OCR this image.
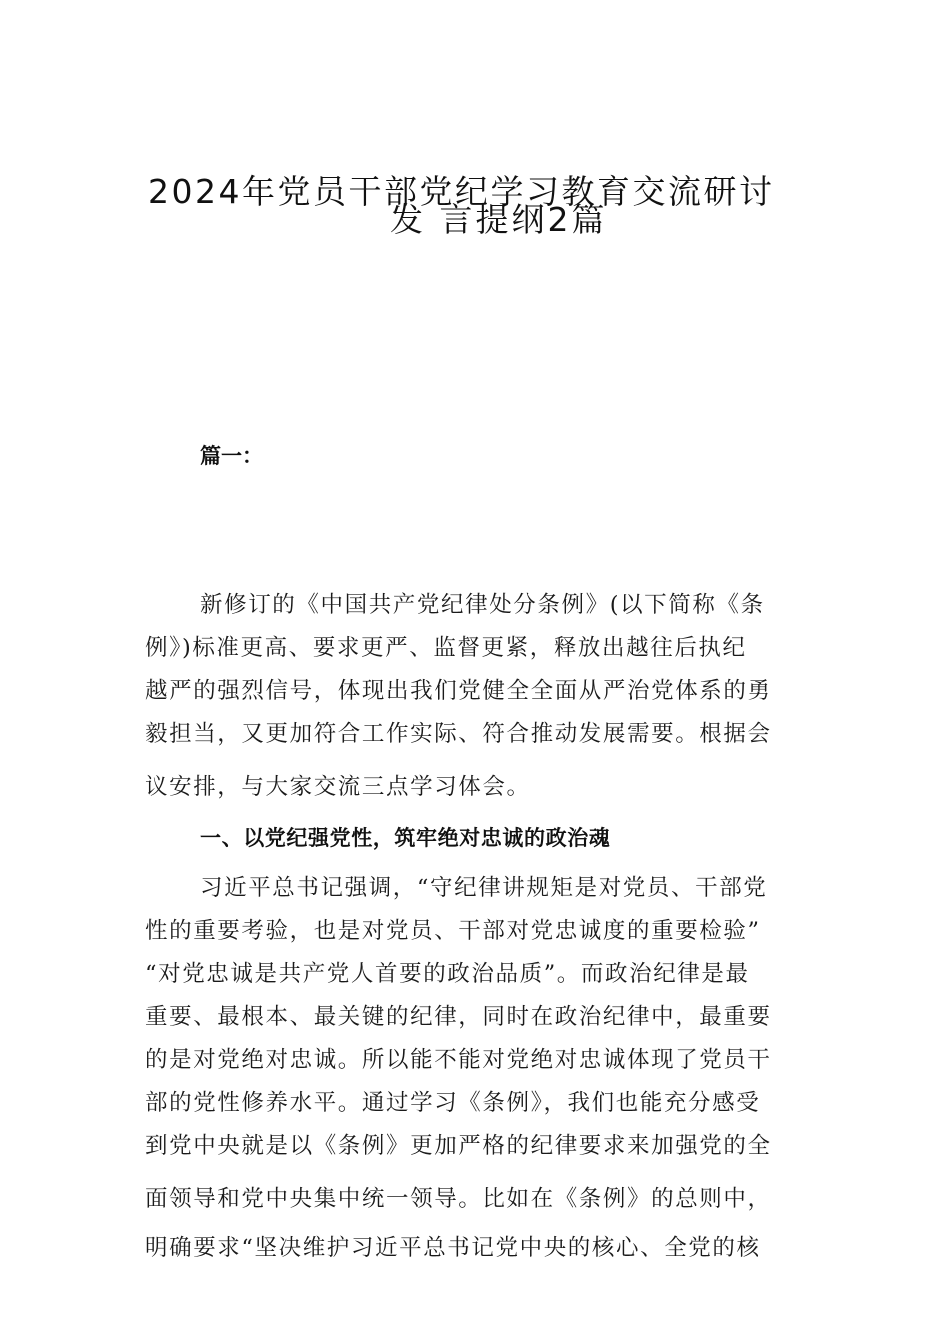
2024年党员干部党纪学习教育交流研讨
发 言提纲2篇
篇一：
新修订的《中国共产党纪律处分条例》(以下简称《条
例》)标准更高、要求更严、监督更紧，释放出越往后执纪
越严的强烈信号，体现出我们党健全全面从严治党体系的勇
毅担当，又更加符合工作实际、符合推动发展需要。根据会
议安排，与大家交流三点学习体会。
一、以党纪强党性，筑牢绝对忠诚的政治魂
习近平总书记强调，“守纪律讲规矩是对党员、干部党
性的重要考验，也是对党员、干部对党忠诚度的重要检验”
“对党忠诚是共产党人首要的政治品质”。而政治纪律是最
重要、最根本、最关键的纪律，同时在政治纪律中，最重要
的是对党绝对忠诚。所以能不能对党绝对忠诚体现了党员干
部的党性修养水平。通过学习《条例》，我们也能充分感受
到党中央就是以《条例》更加严格的纪律要求来加强党的全
面领导和党中央集中统一领导。比如在《条例》的总则中，
明确要求“坚决维护习近平总书记党中央的核心、全党的核
